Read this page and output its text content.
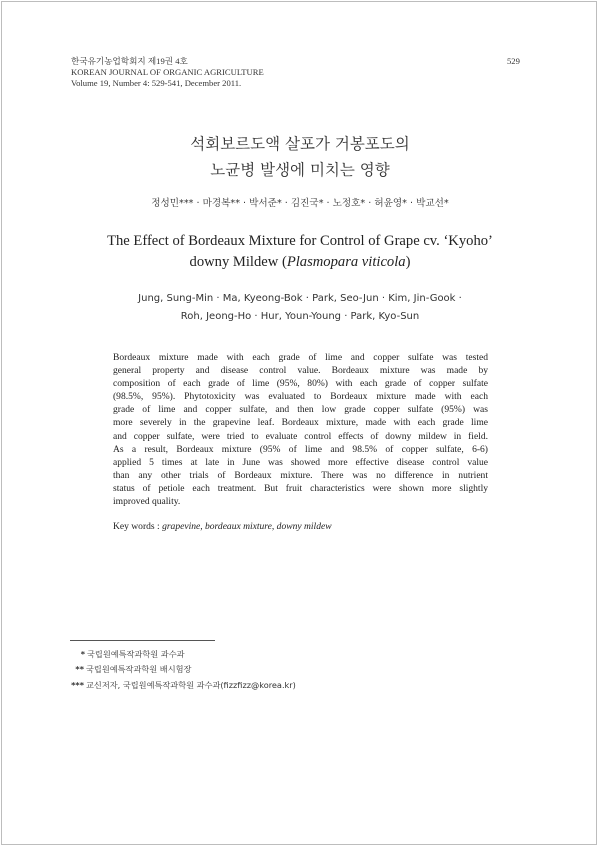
한국유기농업학회지 제19권 4호
KOREAN JOURNAL OF ORGANIC AGRICULTURE
Volume 19, Number 4: 529-541, December 2011.
529
석회보르도액 살포가 거봉포도의
노균병 발생에 미치는 영향
정성민*** · 마경복** · 박서준* · 김진국* · 노정호* · 허윤영* · 박교선*
The Effect of Bordeaux Mixture for Control of Grape cv. ‘Kyoho’
downy Mildew (Plasmopara viticola)
Jung, Sung-Min · Ma, Kyeong-Bok · Park, Seo-Jun · Kim, Jin-Gook ·
Roh, Jeong-Ho · Hur, Youn-Young · Park, Kyo-Sun
Bordeaux mixture made with each grade of lime and copper sulfate was tested
general property and disease control value. Bordeaux mixture was made by
composition of each grade of lime (95%, 80%) with each grade of copper sulfate
(98.5%, 95%). Phytotoxicity was evaluated to Bordeaux mixture made with each
grade of lime and copper sulfate, and then low grade copper sulfate (95%) was
more severely in the grapevine leaf. Bordeaux mixture, made with each grade lime
and copper sulfate, were tried to evaluate control effects of downy mildew in field.
As a result, Bordeaux mixture (95% of lime and 98.5% of copper sulfate, 6-6)
applied 5 times at late in June was showed more effective disease control value
than any other trials of Bordeaux mixture. There was no difference in nutrient
status of petiole each treatment. But fruit characteristics were shown more slightly
improved quality.
Key words : grapevine, bordeaux mixture, downy mildew
* 국립원예특작과학원 과수과
** 국립원예특작과학원 배시험장
*** 교신저자, 국립원예특작과학원 과수과(fizzfizz@korea.kr)
